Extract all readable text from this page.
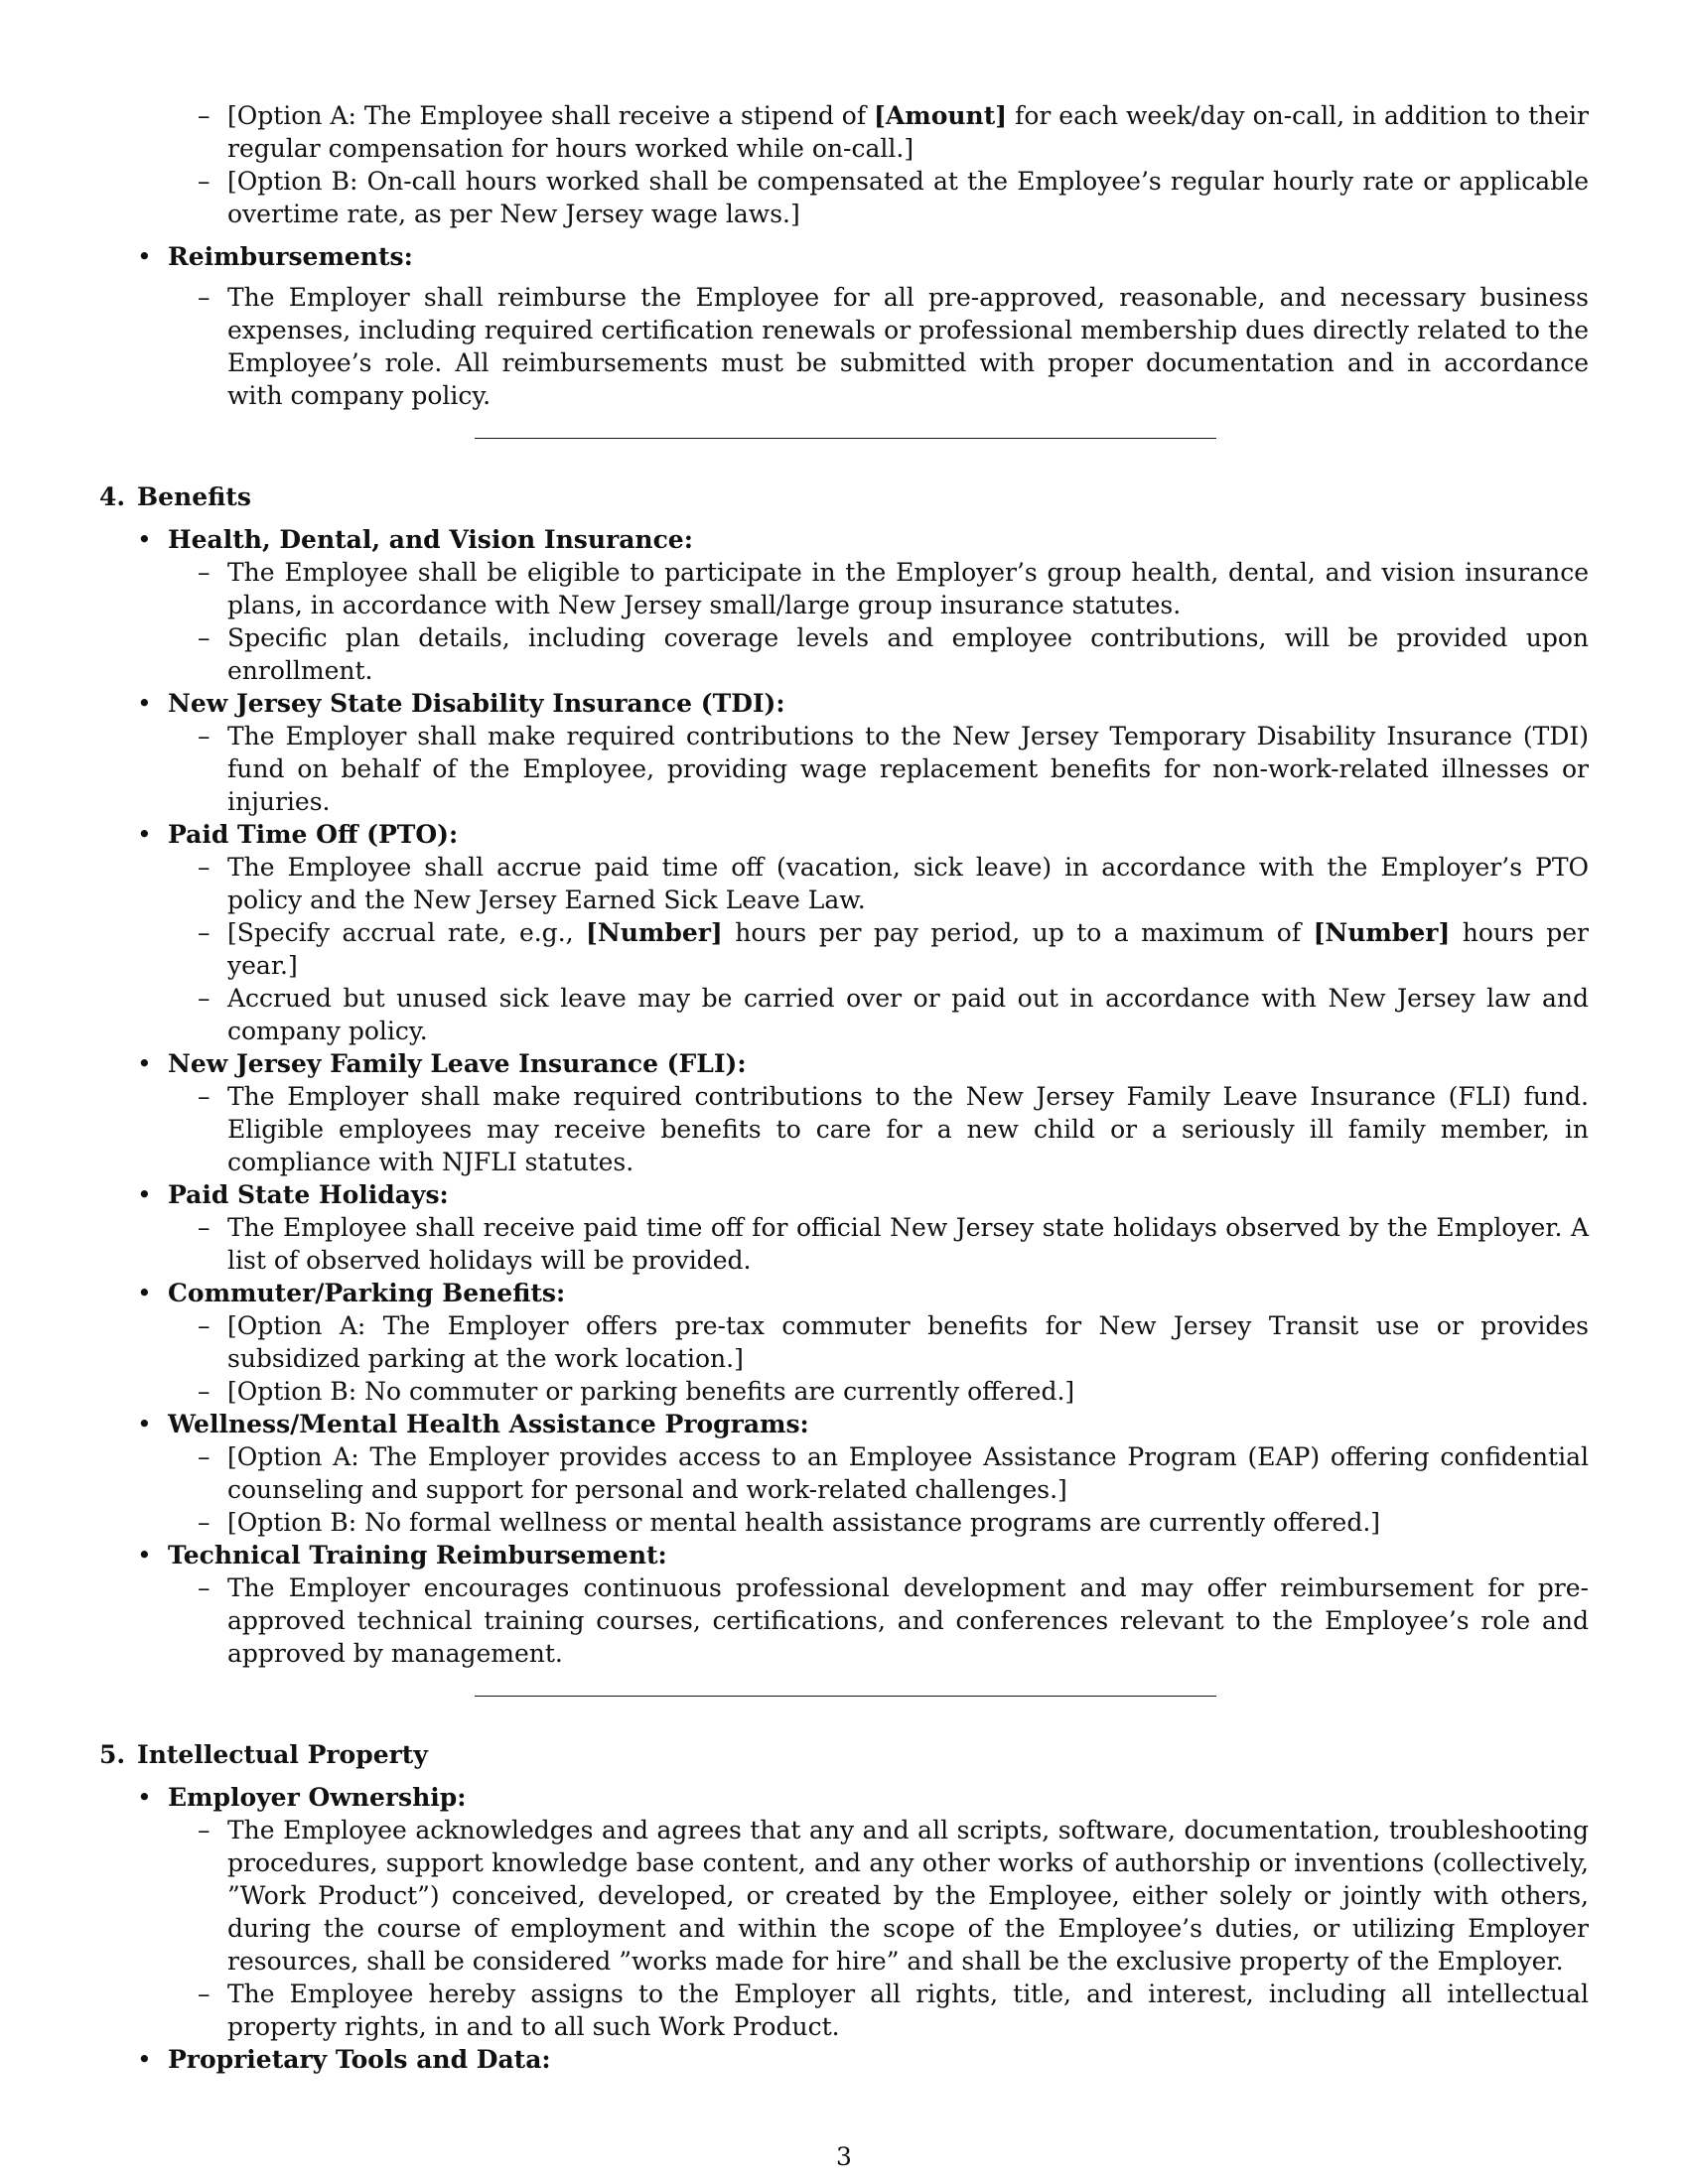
– [Option A: The Employee shall receive a stipend of [Amount] for each week/day on-call, in addition to their regular compensation for hours worked while on-call.]
– [Option B: On-call hours worked shall be compensated at the Employee’s regular hourly rate or applicable overtime rate, as per New Jersey wage laws.]
• Reimbursements:
– The Employer shall reimburse the Employee for all pre-approved, reasonable, and necessary business expenses, including required certification renewals or professional membership dues directly related to the Employee’s role. All reimbursements must be submitted with proper documentation and in accordance with company policy.
4. Benefits
• Health, Dental, and Vision Insurance:
– The Employee shall be eligible to participate in the Employer’s group health, dental, and vision insurance plans, in accordance with New Jersey small/large group insurance statutes.
– Specific plan details, including coverage levels and employee contributions, will be provided upon enrollment.
• New Jersey State Disability Insurance (TDI):
– The Employer shall make required contributions to the New Jersey Temporary Disability Insurance (TDI) fund on behalf of the Employee, providing wage replacement benefits for non-work-related illnesses or injuries.
• Paid Time Off (PTO):
– The Employee shall accrue paid time off (vacation, sick leave) in accordance with the Employer’s PTO policy and the New Jersey Earned Sick Leave Law.
– [Specify accrual rate, e.g., [Number] hours per pay period, up to a maximum of [Number] hours per year.]
– Accrued but unused sick leave may be carried over or paid out in accordance with New Jersey law and company policy.
• New Jersey Family Leave Insurance (FLI):
– The Employer shall make required contributions to the New Jersey Family Leave Insurance (FLI) fund. Eligible employees may receive benefits to care for a new child or a seriously ill family member, in compliance with NJFLI statutes.
• Paid State Holidays:
– The Employee shall receive paid time off for official New Jersey state holidays observed by the Employer. A list of observed holidays will be provided.
• Commuter/Parking Benefits:
– [Option A: The Employer offers pre-tax commuter benefits for New Jersey Transit use or provides subsidized parking at the work location.]
– [Option B: No commuter or parking benefits are currently offered.]
• Wellness/Mental Health Assistance Programs:
– [Option A: The Employer provides access to an Employee Assistance Program (EAP) offering confidential counseling and support for personal and work-related challenges.]
– [Option B: No formal wellness or mental health assistance programs are currently offered.]
• Technical Training Reimbursement:
– The Employer encourages continuous professional development and may offer reimbursement for pre-approved technical training courses, certifications, and conferences relevant to the Employee’s role and approved by management.
5. Intellectual Property
• Employer Ownership:
– The Employee acknowledges and agrees that any and all scripts, software, documentation, troubleshooting procedures, support knowledge base content, and any other works of authorship or inventions (collectively, ”Work Product”) conceived, developed, or created by the Employee, either solely or jointly with others, during the course of employment and within the scope of the Employee’s duties, or utilizing Employer resources, shall be considered ”works made for hire” and shall be the exclusive property of the Employer.
– The Employee hereby assigns to the Employer all rights, title, and interest, including all intellectual property rights, in and to all such Work Product.
• Proprietary Tools and Data:
3
